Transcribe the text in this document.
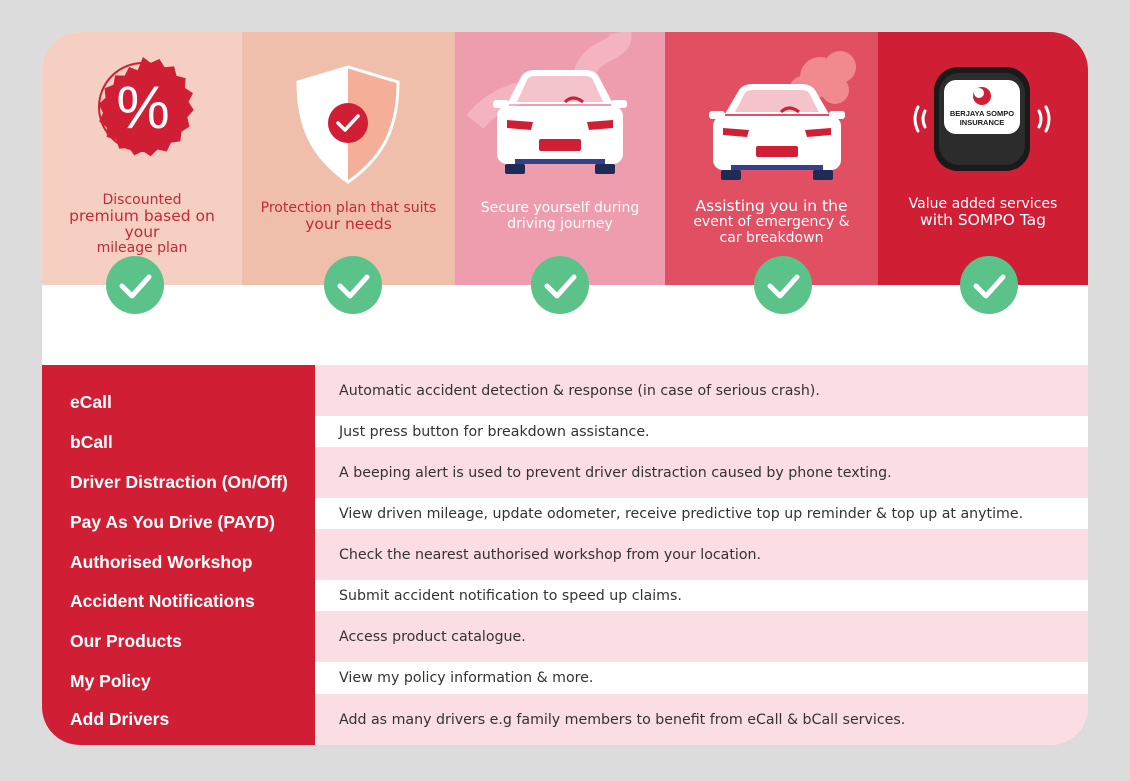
%
Discounted
premium based on your
mileage plan
Protection plan that suits
your needs
Secure yourself during
driving journey
Assisting you in the
event of emergency &
car breakdown
BERJAYA SOMPO
INSURANCE
Value added services
with SOMPO Tag
eCall
bCall
Driver Distraction (On/Off)
Pay As You Drive (PAYD)
Authorised Workshop
Accident Notifications
Our Products
My Policy
Add Drivers
Automatic accident detection & response (in case of serious crash).
Just press button for breakdown assistance.
A beeping alert is used to prevent driver distraction caused by phone texting.
View driven mileage, update odometer, receive predictive top up reminder & top up at anytime.
Check the nearest authorised workshop from your location.
Submit accident notification to speed up claims.
Access product catalogue.
View my policy information & more.
Add as many drivers e.g family members to benefit from eCall & bCall services.
